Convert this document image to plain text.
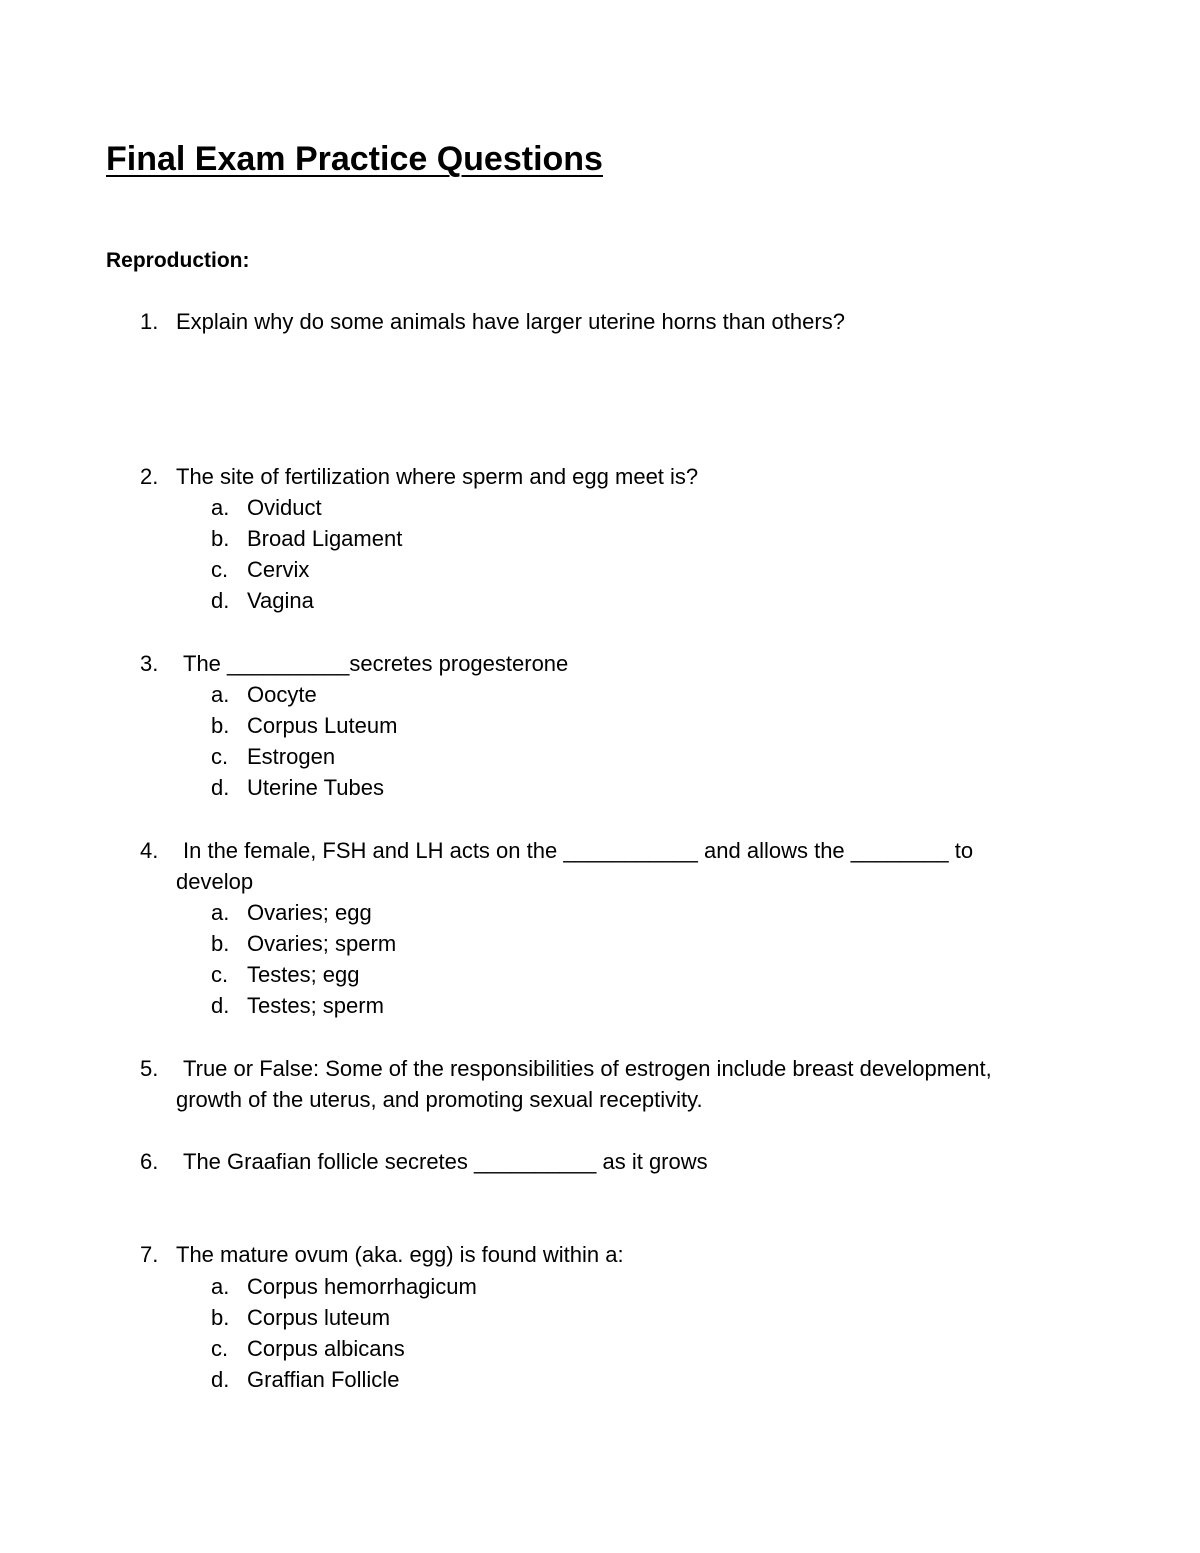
Final Exam Practice Questions
Reproduction:
1. Explain why do some animals have larger uterine horns than others?
2. The site of fertilization where sperm and egg meet is?
a. Oviduct
b. Broad Ligament
c. Cervix
d. Vagina
3. The __________secretes progesterone
a. Oocyte
b. Corpus Luteum
c. Estrogen
d. Uterine Tubes
4. In the female, FSH and LH acts on the ___________ and allows the ________ to
develop
a. Ovaries; egg
b. Ovaries; sperm
c. Testes; egg
d. Testes; sperm
5. True or False: Some of the responsibilities of estrogen include breast development,
growth of the uterus, and promoting sexual receptivity.
6. The Graafian follicle secretes __________ as it grows
7. The mature ovum (aka. egg) is found within a:
a. Corpus hemorrhagicum
b. Corpus luteum
c. Corpus albicans
d. Graffian Follicle
